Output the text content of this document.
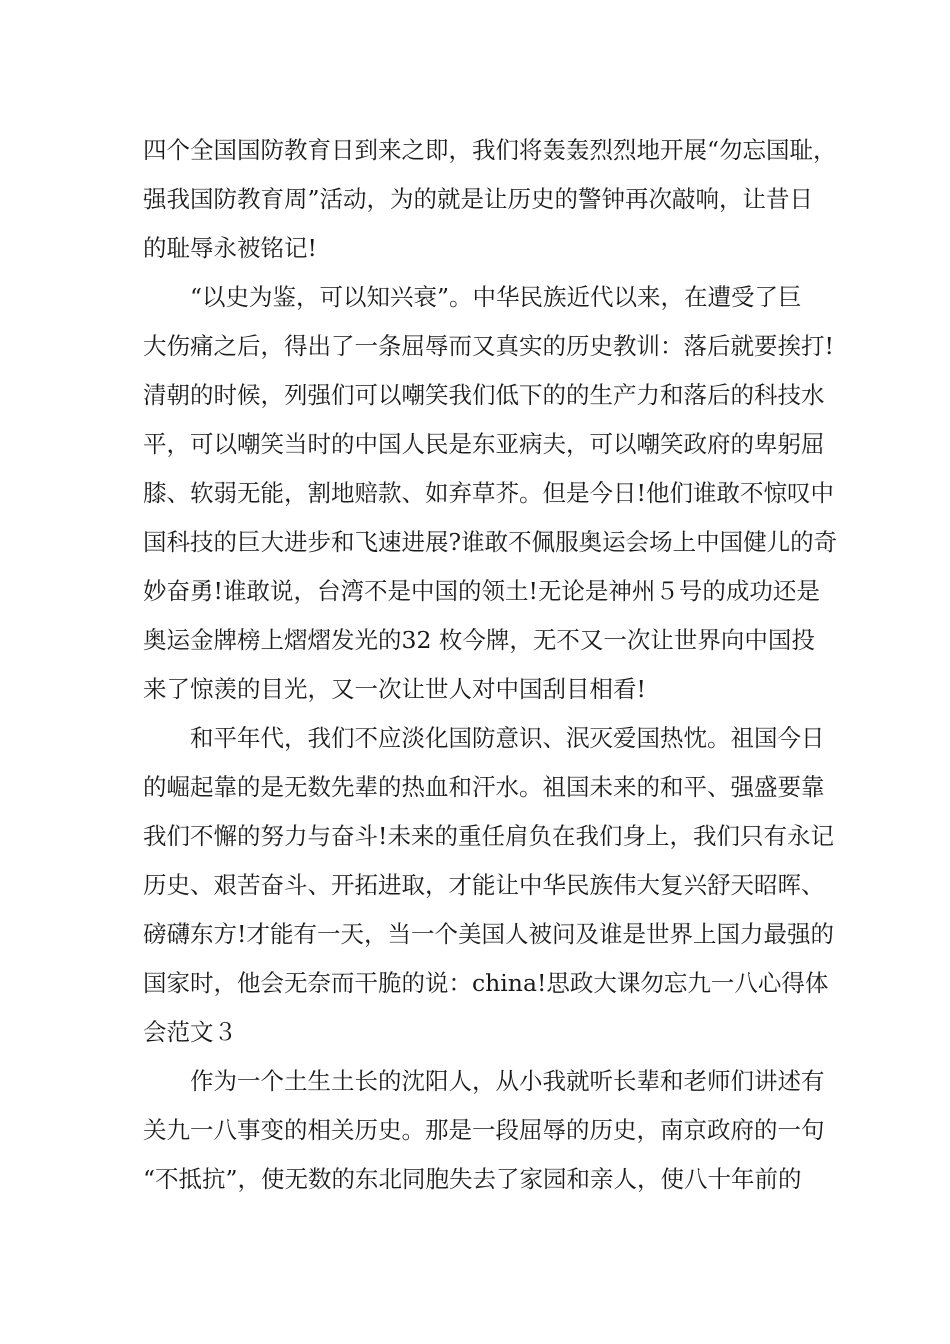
四个全国国防教育日到来之即，我们将轰轰烈烈地开展“勿忘国耻，
强我国防教育周”活动，为的就是让历史的警钟再次敲响，让昔日
的耻辱永被铭记!
“以史为鉴，可以知兴衰”。中华民族近代以来，在遭受了巨
大伤痛之后，得出了一条屈辱而又真实的历史教训：落后就要挨打!
清朝的时候，列强们可以嘲笑我们低下的的生产力和落后的科技水
平，可以嘲笑当时的中国人民是东亚病夫，可以嘲笑政府的卑躬屈
膝、软弱无能，割地赔款、如弃草芥。但是今日!他们谁敢不惊叹中
国科技的巨大进步和飞速进展?谁敢不佩服奥运会场上中国健儿的奇
妙奋勇!谁敢说，台湾不是中国的领土!无论是神州５号的成功还是
奥运金牌榜上熠熠发光的32 枚今牌，无不又一次让世界向中国投
来了惊羡的目光，又一次让世人对中国刮目相看!
和平年代，我们不应淡化国防意识、泯灭爱国热忱。祖国今日
的崛起靠的是无数先辈的热血和汗水。祖国未来的和平、强盛要靠
我们不懈的努力与奋斗!未来的重任肩负在我们身上，我们只有永记
历史、艰苦奋斗、开拓进取，才能让中华民族伟大复兴舒天昭晖、
磅礴东方!才能有一天，当一个美国人被问及谁是世界上国力最强的
国家时，他会无奈而干脆的说：china!思政大课勿忘九一八心得体
会范文３
作为一个土生土长的沈阳人，从小我就听长辈和老师们讲述有
关九一八事变的相关历史。那是一段屈辱的历史，南京政府的一句
“不抵抗”，使无数的东北同胞失去了家园和亲人，使八十年前的
